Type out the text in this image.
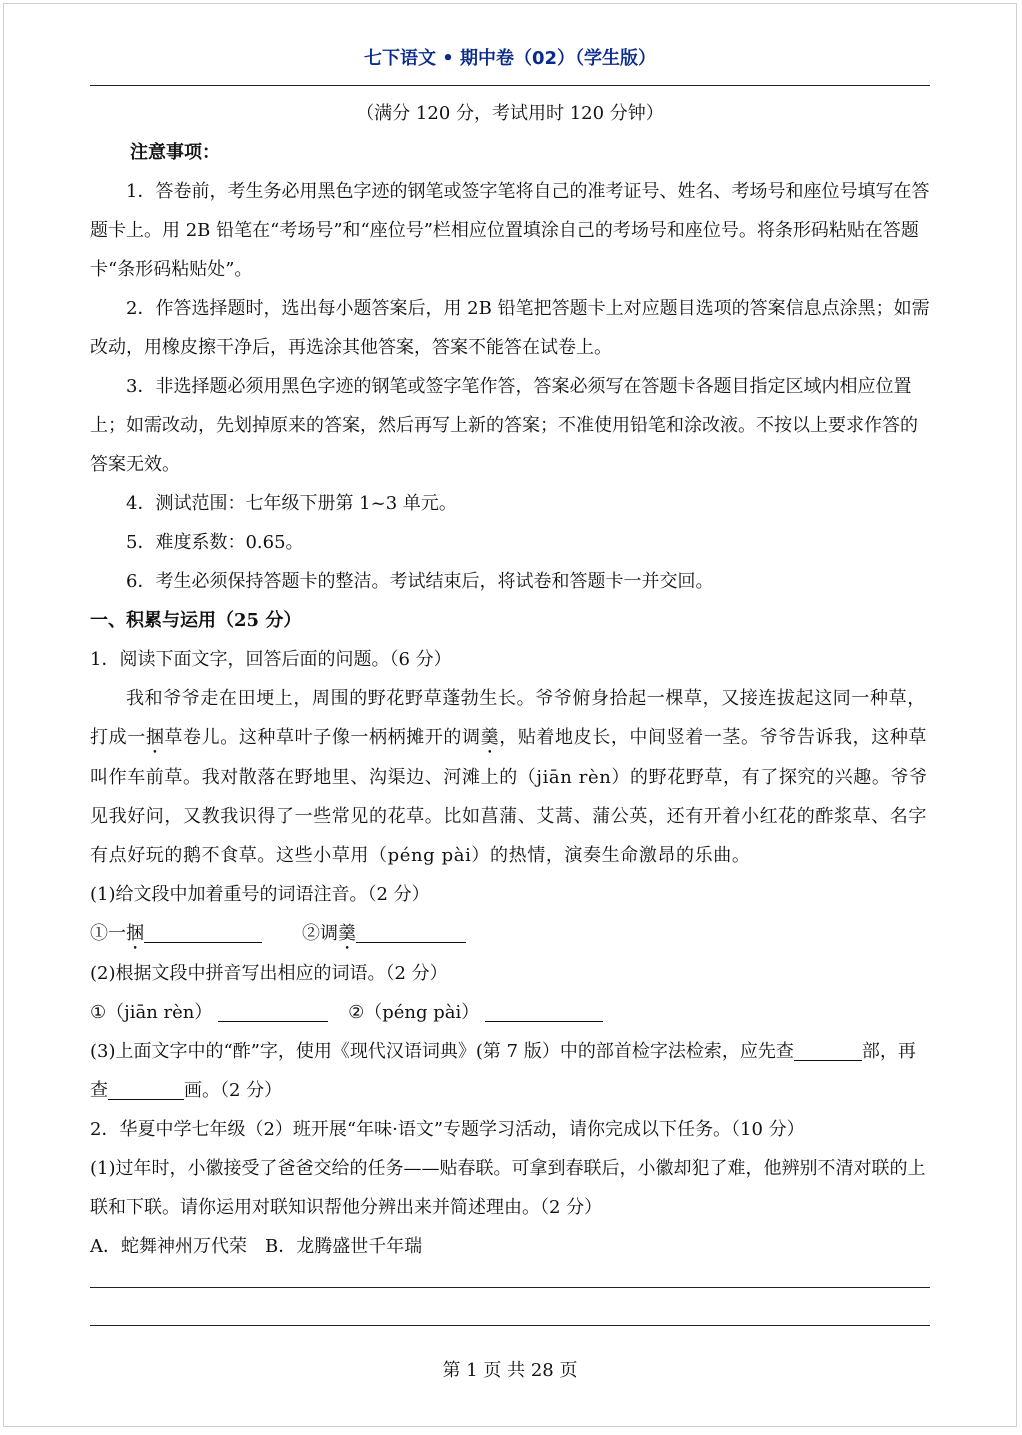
七下语文 • 期中卷（02）（学生版）

（满分 120 分，考试用时 120 分钟）

注意事项：

1．答卷前，考生务必用黑色字迹的钢笔或签字笔将自己的准考证号、姓名、考场号和座位号填写在答题卡上。用 2B 铅笔在“考场号”和“座位号”栏相应位置填涂自己的考场号和座位号。将条形码粘贴在答题卡“条形码粘贴处”。

2．作答选择题时，选出每小题答案后，用 2B 铅笔把答题卡上对应题目选项的答案信息点涂黑；如需改动，用橡皮擦干净后，再选涂其他答案，答案不能答在试卷上。

3．非选择题必须用黑色字迹的钢笔或签字笔作答，答案必须写在答题卡各题目指定区域内相应位置上；如需改动，先划掉原来的答案，然后再写上新的答案；不准使用铅笔和涂改液。不按以上要求作答的答案无效。

4．测试范围：七年级下册第 1~3 单元。

5．难度系数：0.65。

6．考生必须保持答题卡的整洁。考试结束后，将试卷和答题卡一并交回。

一、积累与运用（25 分）

1．阅读下面文字，回答后面的问题。（6 分）

我和爷爷走在田埂上，周围的野花野草蓬勃生长。爷爷俯身拾起一棵草，又接连拔起这同一种草，打成一捆草卷儿。这种草叶子像一柄柄摊开的调羹，贴着地皮长，中间竖着一茎。爷爷告诉我，这种草叫作车前草。我对散落在野地里、沟渠边、河滩上的（jiān rèn）的野花野草，有了探究的兴趣。爷爷见我好问，又教我识得了一些常见的花草。比如菖蒲、艾蒿、蒲公英，还有开着小红花的酢浆草、名字有点好玩的鹅不食草。这些小草用（péng pài）的热情，演奏生命激昂的乐曲。

(1)给文段中加着重号的词语注音。（2 分）

①一捆	②调羹

(2)根据文段中拼音写出相应的词语。（2 分）

①（jiān rèn）	②（péng pài）

(3)上面文字中的“酢”字，使用《现代汉语词典》(第 7 版）中的部首检字法检索，应先查	部，再查	画。（2 分）

2．华夏中学七年级（2）班开展“年味·语文”专题学习活动，请你完成以下任务。（10 分）

(1)过年时，小徽接受了爸爸交给的任务——贴春联。可拿到春联后，小徽却犯了难，他辨别不清对联的上联和下联。请你运用对联知识帮他分辨出来并简述理由。（2 分）

A．蛇舞神州万代荣　B．龙腾盛世千年瑞

第 1 页 共 28 页
